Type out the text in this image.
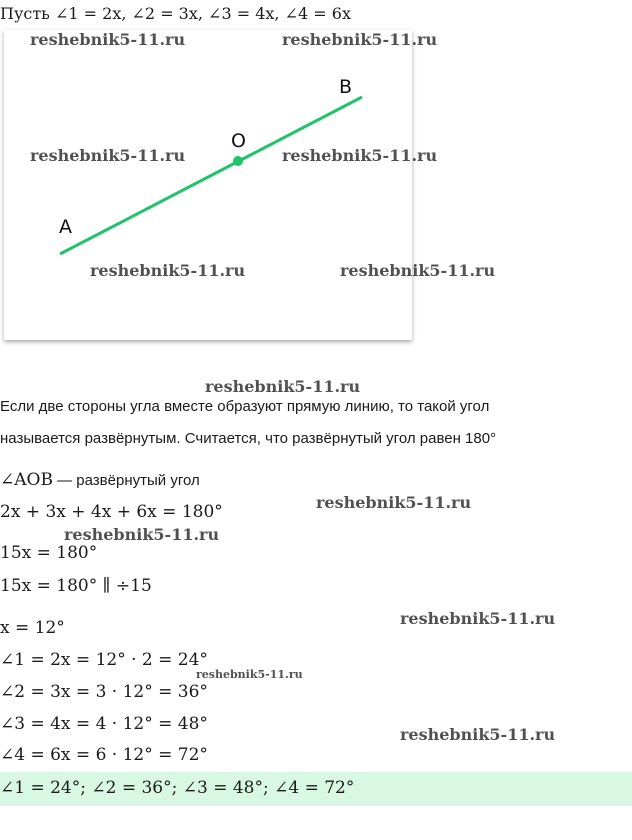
Пусть ∠1 = 2x, ∠2 = 3x, ∠3 = 4x, ∠4 = 6x
A
B
O
Если две стороны угла вместе образуют прямую линию, то такой угол
называется развёрнутым. Считается, что развёрнутый угол равен 180°
∠AOB — развёрнутый угол
2x + 3x + 4x + 6x = 180°
15x = 180°
15x = 180° ∥ ÷15
x = 12°
∠1 = 2x = 12° · 2 = 24°
∠2 = 3x = 3 · 12° = 36°
∠3 = 4x = 4 · 12° = 48°
∠4 = 6x = 6 · 12° = 72°
∠1 = 24°; ∠2 = 36°; ∠3 = 48°; ∠4 = 72°
reshebnik5-11.ru	reshebnik5-11.ru
reshebnik5-11.ru	reshebnik5-11.ru
reshebnik5-11.ru	reshebnik5-11.ru
reshebnik5-11.ru
reshebnik5-11.ru
reshebnik5-11.ru
reshebnik5-11.ru
reshebnik5-11.ru
reshebnik5-11.ru
